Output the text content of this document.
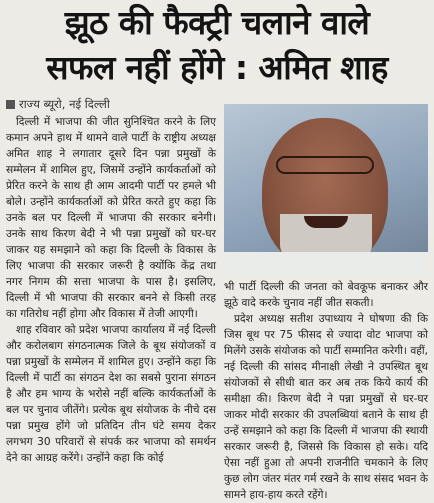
झूठ की फैक्ट्री चलाने वाले
सफल नहीं होंगे : अमित शाह
राज्य ब्यूरो, नई दिल्ली

दिल्ली में भाजपा की जीत सुनिश्चित करने के लिए कमान अपने हाथ में थामने वाले पार्टी के राष्ट्रीय अध्यक्ष अमित शाह ने लगातार दूसरे दिन पन्ना प्रमुखों के सम्मेलन में शामिल हुए, जिसमें उन्होंने कार्यकर्ताओं को प्रेरित करने के साथ ही आम आदमी पार्टी पर हमले भी बोले। उन्होंने कार्यकर्ताओं को प्रेरित करते हुए कहा कि उनके बल पर दिल्ली में भाजपा की सरकार बनेगी। उनके साथ किरण बेदी ने भी पन्ना प्रमुखों को घर-घर जाकर यह समझाने को कहा कि दिल्ली के विकास के लिए भाजपा की सरकार जरूरी है क्योंकि केंद्र तथा नगर निगम की सत्ता भाजपा के पास है। इसलिए, दिल्ली में भी भाजपा की सरकार बनने से किसी तरह का गतिरोध नहीं होगा और विकास में तेजी आएगी।

शाह रविवार को प्रदेश भाजपा कार्यालय में नई दिल्ली और करोलबाग संगठनात्मक जिले के बूथ संयोजकों व पन्ना प्रमुखों के सम्मेलन में शामिल हुए। उन्होंने कहा कि दिल्ली में पार्टी का संगठन देश का सबसे पुराना संगठन है और हम भाग्य के भरोसे नहीं बल्कि कार्यकर्ताओं के बल पर चुनाव जीतेंगे। प्रत्येक बूथ संयोजक के नीचे दस पन्ना प्रमुख होंगे जो प्रतिदिन तीन घंटे समय देकर लगभग 30 परिवारों से संपर्क कर भाजपा को समर्थन देने का आग्रह करेंगे। उन्होंने कहा कि कोई

भी पार्टी दिल्ली की जनता को बेवकूफ बनाकर और झूठे वादे करके चुनाव नहीं जीत सकती।

प्रदेश अध्यक्ष सतीश उपाध्याय ने घोषणा की कि जिस बूथ पर 75 फीसद से ज्यादा वोट भाजपा को मिलेंगे उसके संयोजक को पार्टी सम्मानित करेगी। वहीं, नई दिल्ली की सांसद मीनाक्षी लेखी ने उपस्थित बूथ संयोजकों से सीधी बात कर अब तक किये कार्य की समीक्षा की। किरण बेदी ने पन्ना प्रमुखों से घर-घर जाकर मोदी सरकार की उपलब्धियां बताने के साथ ही उन्हें समझाने को कहा कि दिल्ली में भाजपा की स्थायी सरकार जरूरी है, जिससे कि विकास हो सके। यदि ऐसा नहीं हुआ तो अपनी राजनीति चमकाने के लिए कुछ लोग जंतर मंतर गर्म रखने के साथ संसद भवन के सामने हाय-हाय करते रहेंगे।
